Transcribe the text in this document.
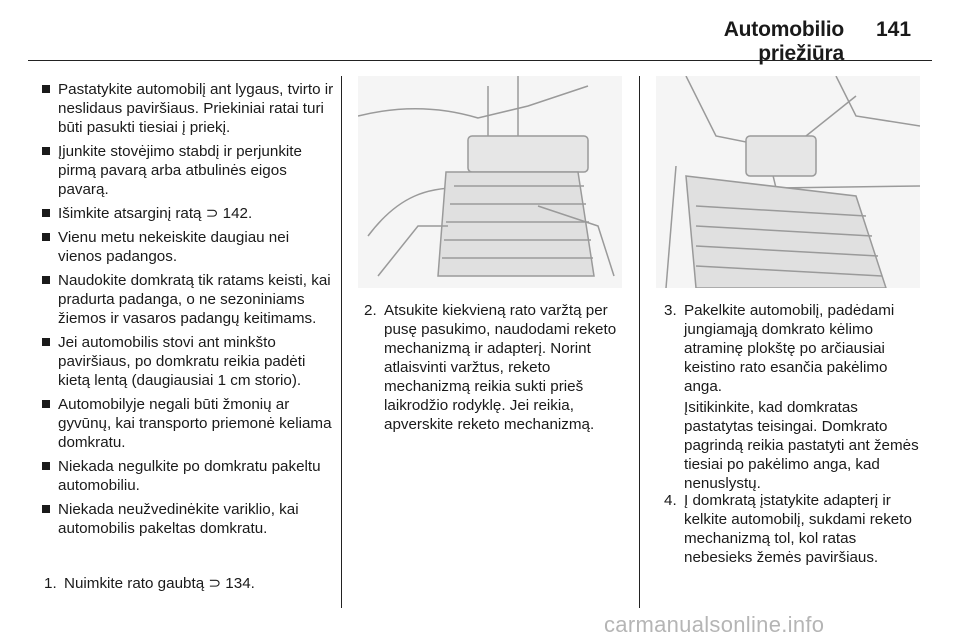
Automobilio priežiūra
141
Pastatykite automobilį ant lygaus, tvirto ir neslidaus paviršiaus. Priekiniai ratai turi būti pasukti tiesiai į priekį.
Įjunkite stovėjimo stabdį ir perjunkite pirmą pavarą arba atbulinės eigos pavarą.
Išimkite atsarginį ratą ⊃ 142.
Vienu metu nekeiskite daugiau nei vienos padangos.
Naudokite domkratą tik ratams keisti, kai pradurta padanga, o ne sezoniniams žiemos ir vasaros padangų keitimams.
Jei automobilis stovi ant minkšto paviršiaus, po domkratu reikia padėti kietą lentą (daugiausiai 1 cm storio).
Automobilyje negali būti žmonių ar gyvūnų, kai transporto priemonė keliama domkratu.
Niekada negulkite po domkratu pakeltu automobiliu.
Niekada neužvedinėkite variklio, kai automobilis pakeltas domkratu.
1. Nuimkite rato gaubtą ⊃ 134.
2. Atsukite kiekvieną rato varžtą per pusę pasukimo, naudodami reketo mechanizmą ir adapterį. Norint atlaisvinti varžtus, reketo mechanizmą reikia sukti prieš laikrodžio rodyklę. Jei reikia, apverskite reketo mechanizmą.
3. Pakelkite automobilį, padėdami jungiamąją domkrato kėlimo atraminę plokštę po arčiausiai keistino rato esančia pakėlimo anga.
Įsitikinkite, kad domkratas pastatytas teisingai. Domkrato pagrindą reikia pastatyti ant žemės tiesiai po pakėlimo anga, kad nenuslystų.
4. Į domkratą įstatykite adapterį ir kelkite automobilį, sukdami reketo mechanizmą tol, kol ratas nebesieks žemės paviršiaus.
carmanualsonline.info
